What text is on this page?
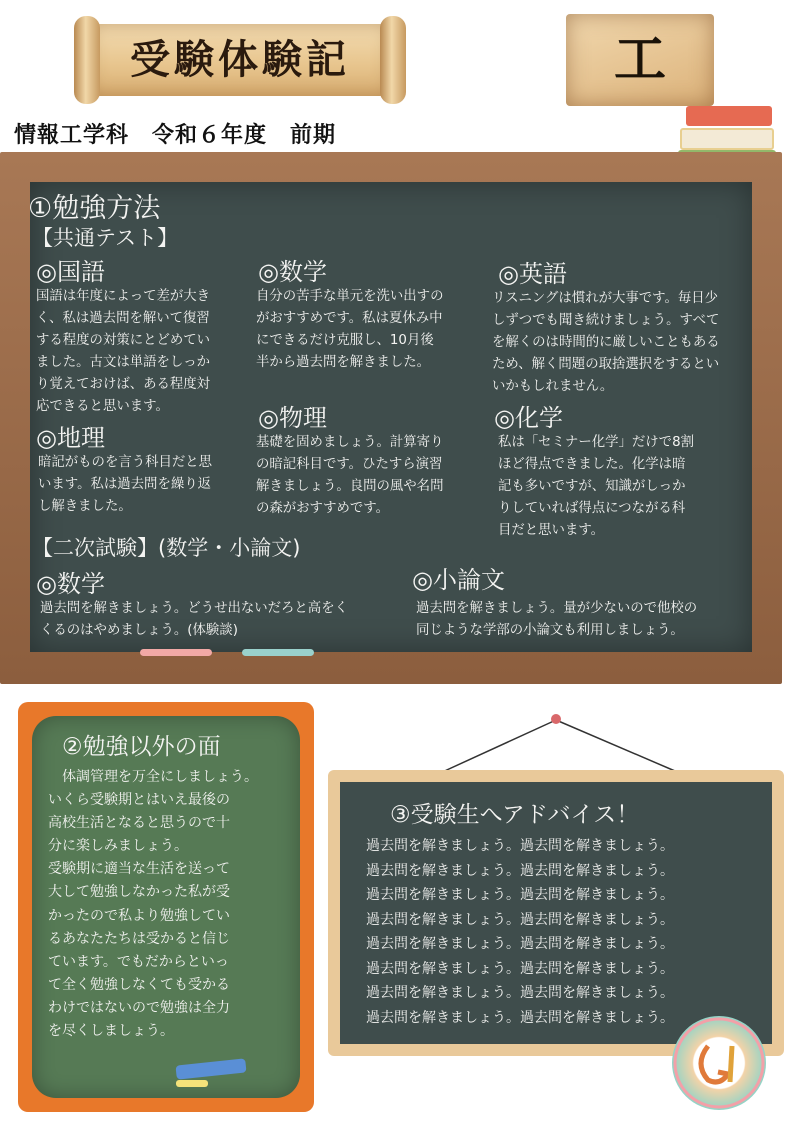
受験体験記	工
情報工学科　令和６年度　前期
①勉強方法
【共通テスト】
◎国語
国語は年度によって差が大き
く、私は過去問を解いて復習
する程度の対策にとどめてい
ました。古文は単語をしっか
り覚えておけば、ある程度対
応できると思います。
◎地理
暗記がものを言う科目だと思
います。私は過去問を繰り返
し解きました。
◎数学
自分の苦手な単元を洗い出すの
がおすすめです。私は夏休み中
にできるだけ克服し、10月後
半から過去問を解きました。
◎物理
基礎を固めましょう。計算寄り
の暗記科目です。ひたすら演習
解きましょう。良問の風や名問
の森がおすすめです。
◎英語
リスニングは慣れが大事です。毎日少
しずつでも聞き続けましょう。すべて
を解くのは時間的に厳しいこともある
ため、解く問題の取捨選択をするとい
いかもしれません。
◎化学
私は「セミナー化学」だけで8割
ほど得点できました。化学は暗
記も多いですが、知識がしっか
りしていれば得点につながる科
目だと思います。
【二次試験】(数学・小論文)
◎数学
過去問を解きましょう。どうせ出ないだろと高をく
くるのはやめましょう。(体験談)
◎小論文
過去問を解きましょう。量が少ないので他校の
同じような学部の小論文も利用しましょう。
②勉強以外の面
　体調管理を万全にしましょう。
いくら受験期とはいえ最後の
高校生活となると思うので十
分に楽しみましょう。
受験期に適当な生活を送って
大して勉強しなかった私が受
かったので私より勉強してい
るあなたたちは受かると信じ
ています。でもだからといっ
て全く勉強しなくても受かる
わけではないので勉強は全力
を尽くしましょう。
③受験生へアドバイス！
過去問を解きましょう。過去問を解きましょう。
過去問を解きましょう。過去問を解きましょう。
過去問を解きましょう。過去問を解きましょう。
過去問を解きましょう。過去問を解きましょう。
過去問を解きましょう。過去問を解きましょう。
過去問を解きましょう。過去問を解きましょう。
過去問を解きましょう。過去問を解きましょう。
過去問を解きましょう。過去問を解きましょう。
